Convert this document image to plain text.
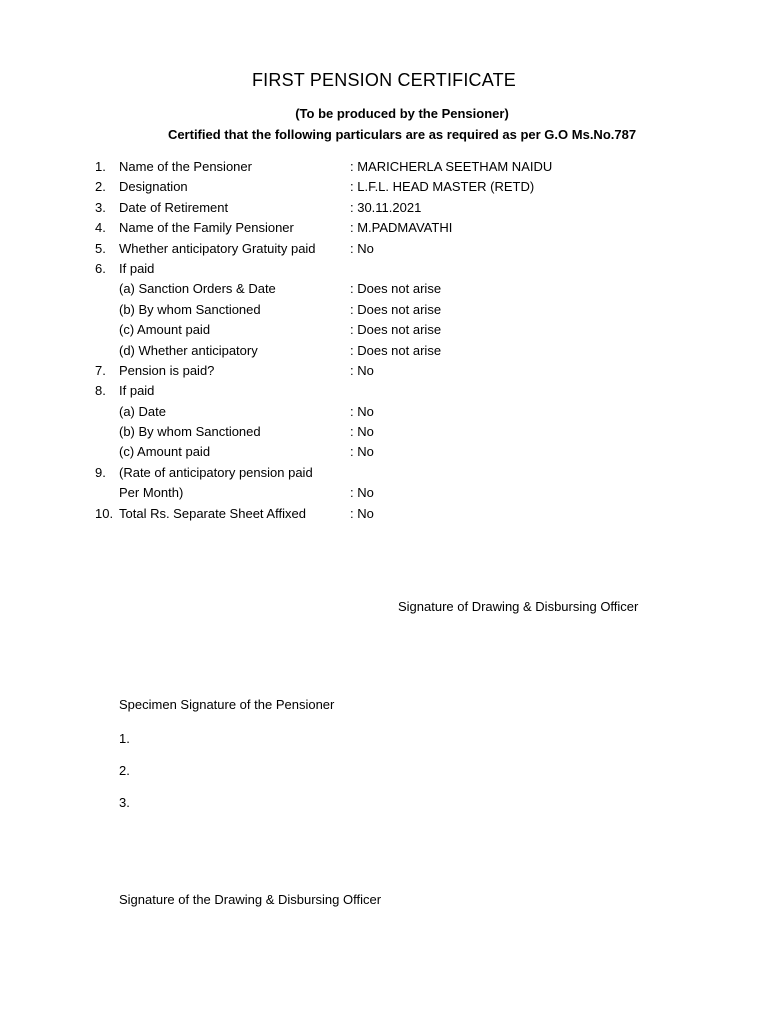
FIRST PENSION CERTIFICATE
(To be produced by the Pensioner)
Certified that the following particulars are as required as per G.O Ms.No.787
1. Name of the Pensioner	: MARICHERLA SEETHAM NAIDU
2. Designation	: L.F.L. HEAD MASTER (RETD)
3. Date of Retirement	: 30.11.2021
4. Name of the Family Pensioner	: M.PADMAVATHI
5. Whether anticipatory Gratuity paid	: No
6. If paid
(a) Sanction Orders & Date	: Does not arise
(b) By whom Sanctioned	: Does not arise
(c) Amount paid	: Does not arise
(d) Whether anticipatory	: Does not arise
7. Pension is paid?	: No
8. If paid
(a) Date	: No
(b) By whom Sanctioned	: No
(c) Amount paid	: No
9. (Rate of anticipatory pension paid
Per Month)	: No
10. Total Rs. Separate Sheet Affixed	: No
Signature of Drawing & Disbursing Officer
Specimen Signature of the Pensioner
1.
2.
3.
Signature of the Drawing & Disbursing Officer
